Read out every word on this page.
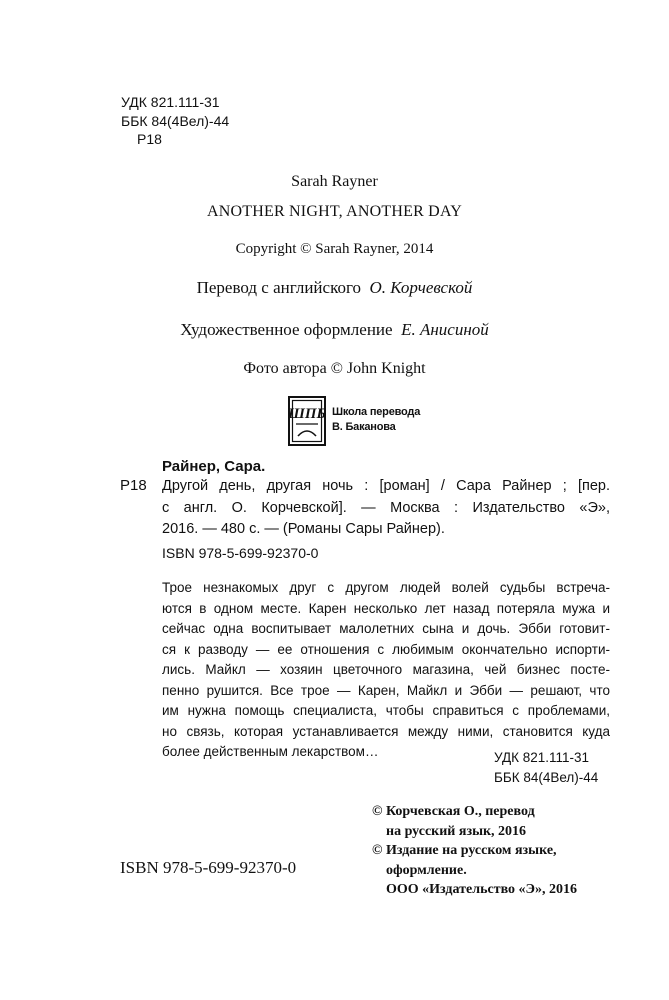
УДК 821.111-31
ББК 84(4Вел)-44
Р18
Sarah Rayner
ANOTHER NIGHT, ANOTHER DAY
Copyright © Sarah Rayner, 2014
Перевод с английского О. Корчевской
Художественное оформление Е. Анисиной
Фото автора © John Knight
ШПБ Школа перевода
В. Баканова
Райнер, Сара.
Р18 Другой день, другая ночь : [роман] / Сара Райнер ; [пер.
с англ. О. Корчевской]. — Москва : Издательство «Э»,
2016. — 480 с. — (Романы Сары Райнер).
ISBN 978-5-699-92370-0
Трое незнакомых друг с другом людей волей судьбы встреча-
ются в одном месте. Карен несколько лет назад потеряла мужа и
сейчас одна воспитывает малолетних сына и дочь. Эбби готовит-
ся к разводу — ее отношения с любимым окончательно испорти-
лись. Майкл — хозяин цветочного магазина, чей бизнес посте-
пенно рушится. Все трое — Карен, Майкл и Эбби — решают, что
им нужна помощь специалиста, чтобы справиться с проблемами,
но связь, которая устанавливается между ними, становится куда
более действенным лекарством…	УДК 821.111-31
ББК 84(4Вел)-44
© Корчевская О., перевод
на русский язык, 2016
© Издание на русском языке,
оформление.
ООО «Издательство «Э», 2016
ISBN 978-5-699-92370-0
